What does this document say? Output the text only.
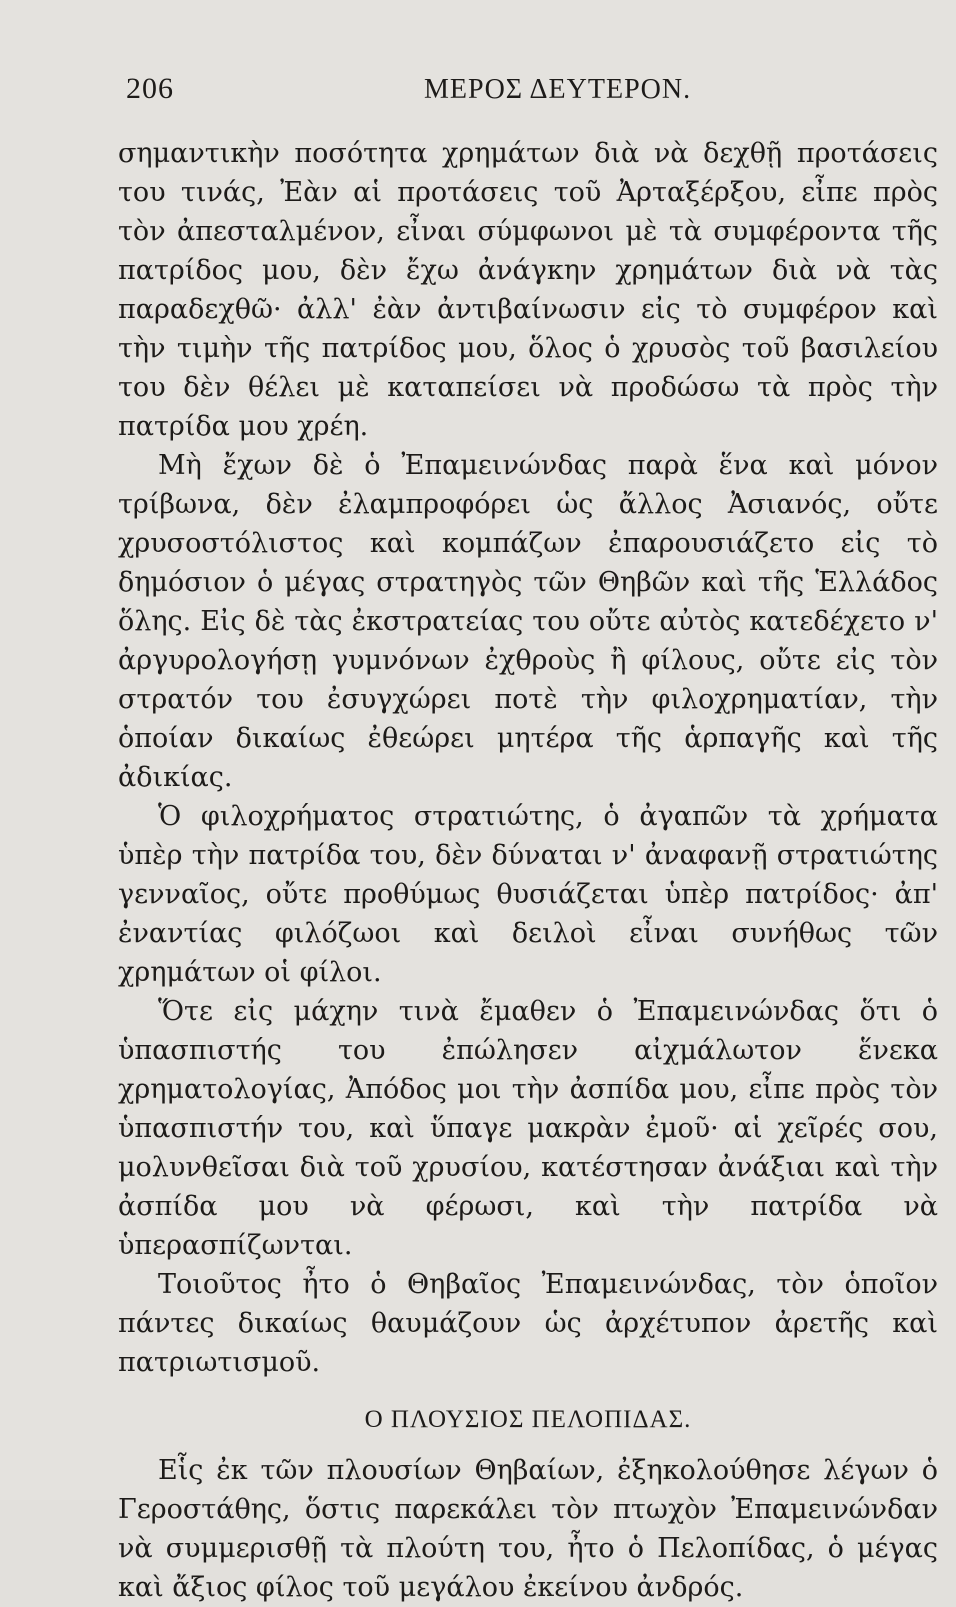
206	ΜΕΡΟΣ ΔΕΥΤΕΡΟΝ.

σημαντικὴν ποσότητα χρημάτων διὰ νὰ δεχθῇ προτάσεις του τινάς, Ἐὰν αἱ προτάσεις τοῦ Ἀρταξέρξου, εἶπε πρὸς τὸν ἀπεσταλμένον, εἶναι σύμφωνοι μὲ τὰ συμφέροντα τῆς πατρίδος μου, δὲν ἔχω ἀνάγκην χρημάτων διὰ νὰ τὰς παραδεχθῶ· ἀλλ' ἐὰν ἀντιβαίνωσιν εἰς τὸ συμφέρον καὶ τὴν τιμὴν τῆς πατρίδος μου, ὅλος ὁ χρυσὸς τοῦ βασιλείου του δὲν θέλει μὲ καταπείσει νὰ προδώσω τὰ πρὸς τὴν πατρίδα μου χρέη.

Μὴ ἔχων δὲ ὁ Ἐπαμεινώνδας παρὰ ἕνα καὶ μόνον τρίβωνα, δὲν ἐλαμπροφόρει ὡς ἄλλος Ἀσιανός, οὔτε χρυσοστόλιστος καὶ κομπάζων ἐπαρουσιάζετο εἰς τὸ δημόσιον ὁ μέγας στρατηγὸς τῶν Θηβῶν καὶ τῆς Ἑλλάδος ὅλης. Εἰς δὲ τὰς ἐκστρατείας του οὔτε αὐτὸς κατεδέχετο ν' ἀργυρολογήσῃ γυμνόνων ἐχθροὺς ἢ φίλους, οὔτε εἰς τὸν στρατόν του ἐσυγχώρει ποτὲ τὴν φιλοχρηματίαν, τὴν ὁποίαν δικαίως ἐθεώρει μητέρα τῆς ἁρπαγῆς καὶ τῆς ἀδικίας.

Ὁ φιλοχρήματος στρατιώτης, ὁ ἀγαπῶν τὰ χρήματα ὑπὲρ τὴν πατρίδα του, δὲν δύναται ν' ἀναφανῇ στρατιώτης γενναῖος, οὔτε προθύμως θυσιάζεται ὑπὲρ πατρίδος· ἀπ' ἐναντίας φιλόζωοι καὶ δειλοὶ εἶναι συνήθως τῶν χρημάτων οἱ φίλοι.

Ὅτε εἰς μάχην τινὰ ἔμαθεν ὁ Ἐπαμεινώνδας ὅτι ὁ ὑπασπιστής του ἐπώλησεν αἰχμάλωτον ἕνεκα χρηματολογίας, Ἀπόδος μοι τὴν ἀσπίδα μου, εἶπε πρὸς τὸν ὑπασπιστήν του, καὶ ὕπαγε μακρὰν ἐμοῦ· αἱ χεῖρές σου, μολυνθεῖσαι διὰ τοῦ χρυσίου, κατέστησαν ἀνάξιαι καὶ τὴν ἀσπίδα μου νὰ φέρωσι, καὶ τὴν πατρίδα νὰ ὑπερασπίζωνται.

Τοιοῦτος ἦτο ὁ Θηβαῖος Ἐπαμεινώνδας, τὸν ὁποῖον πάντες δικαίως θαυμάζουν ὡς ἀρχέτυπον ἀρετῆς καὶ πατριωτισμοῦ.

Ο ΠΛΟΥΣΙΟΣ ΠΕΛΟΠΙΔΑΣ.

Εἷς ἐκ τῶν πλουσίων Θηβαίων, ἐξηκολούθησε λέγων ὁ Γεροστάθης, ὅστις παρεκάλει τὸν πτωχὸν Ἐπαμεινώνδαν νὰ συμμερισθῇ τὰ πλούτη του, ἦτο ὁ Πελοπίδας, ὁ μέγας καὶ ἄξιος φίλος τοῦ μεγάλου ἐκείνου ἀνδρός.
